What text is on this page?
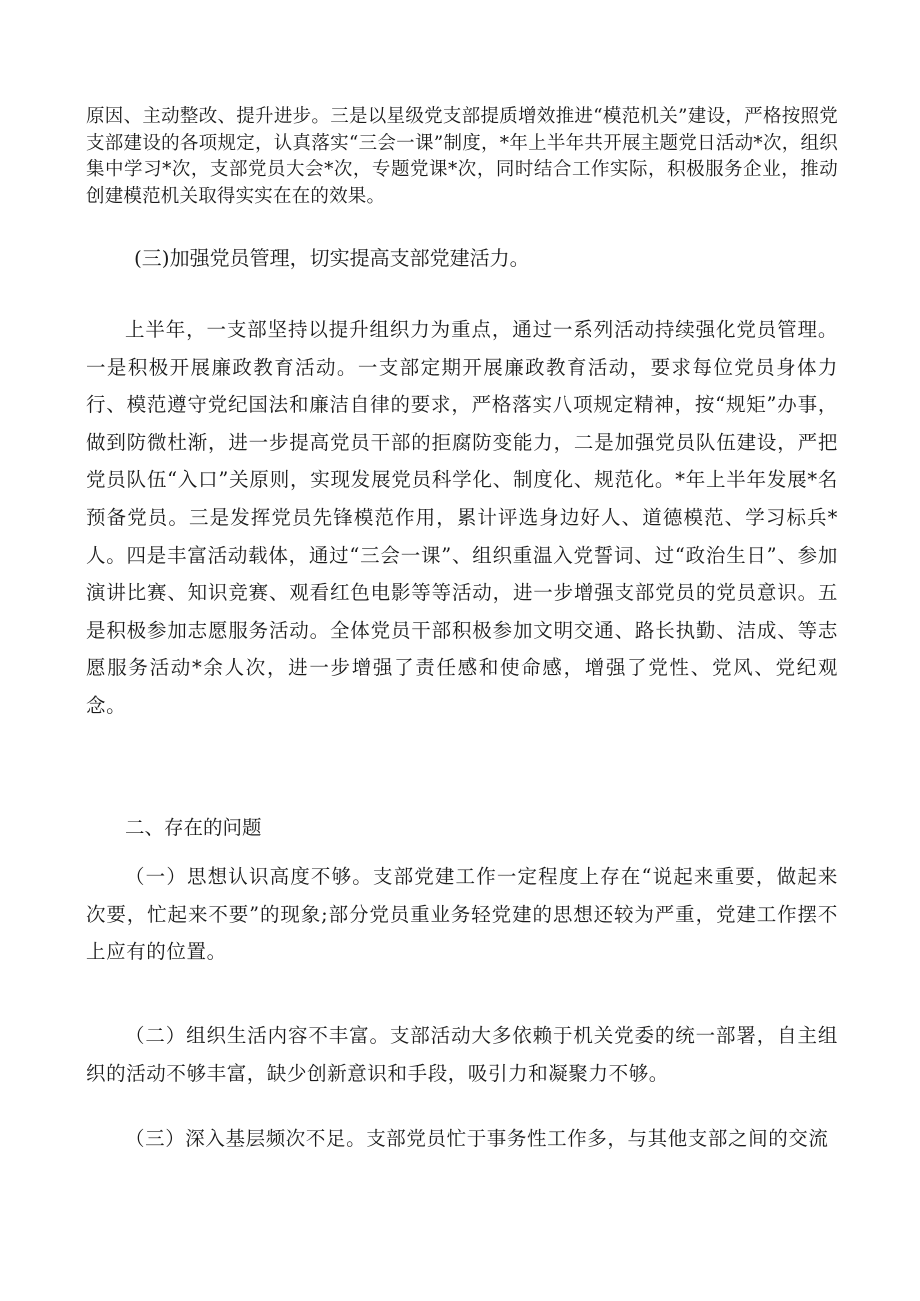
原因、主动整改、提升进步。三是以星级党支部提质增效推进“模范机关”建设，严格按照党支部建设的各项规定，认真落实“三会一课”制度，*年上半年共开展主题党日活动*次，组织集中学习*次，支部党员大会*次，专题党课*次，同时结合工作实际，积极服务企业，推动创建模范机关取得实实在在的效果。

(三)加强党员管理，切实提高支部党建活力。

上半年，一支部坚持以提升组织力为重点，通过一系列活动持续强化党员管理。一是积极开展廉政教育活动。一支部定期开展廉政教育活动，要求每位党员身体力行、模范遵守党纪国法和廉洁自律的要求，严格落实八项规定精神，按“规矩”办事，做到防微杜渐，进一步提高党员干部的拒腐防变能力，二是加强党员队伍建设，严把党员队伍“入口”关原则，实现发展党员科学化、制度化、规范化。*年上半年发展*名预备党员。三是发挥党员先锋模范作用，累计评选身边好人、道德模范、学习标兵*人。四是丰富活动载体，通过“三会一课”、组织重温入党誓词、过“政治生日”、参加演讲比赛、知识竞赛、观看红色电影等等活动，进一步增强支部党员的党员意识。五是积极参加志愿服务活动。全体党员干部积极参加文明交通、路长执勤、洁成、等志愿服务活动*余人次，进一步增强了责任感和使命感，增强了党性、党风、党纪观念。

二、存在的问题

（一）思想认识高度不够。支部党建工作一定程度上存在“说起来重要，做起来次要，忙起来不要”的现象;部分党员重业务轻党建的思想还较为严重，党建工作摆不上应有的位置。

（二）组织生活内容不丰富。支部活动大多依赖于机关党委的统一部署，自主组织的活动不够丰富，缺少创新意识和手段，吸引力和凝聚力不够。

（三）深入基层频次不足。支部党员忙于事务性工作多，与其他支部之间的交流
